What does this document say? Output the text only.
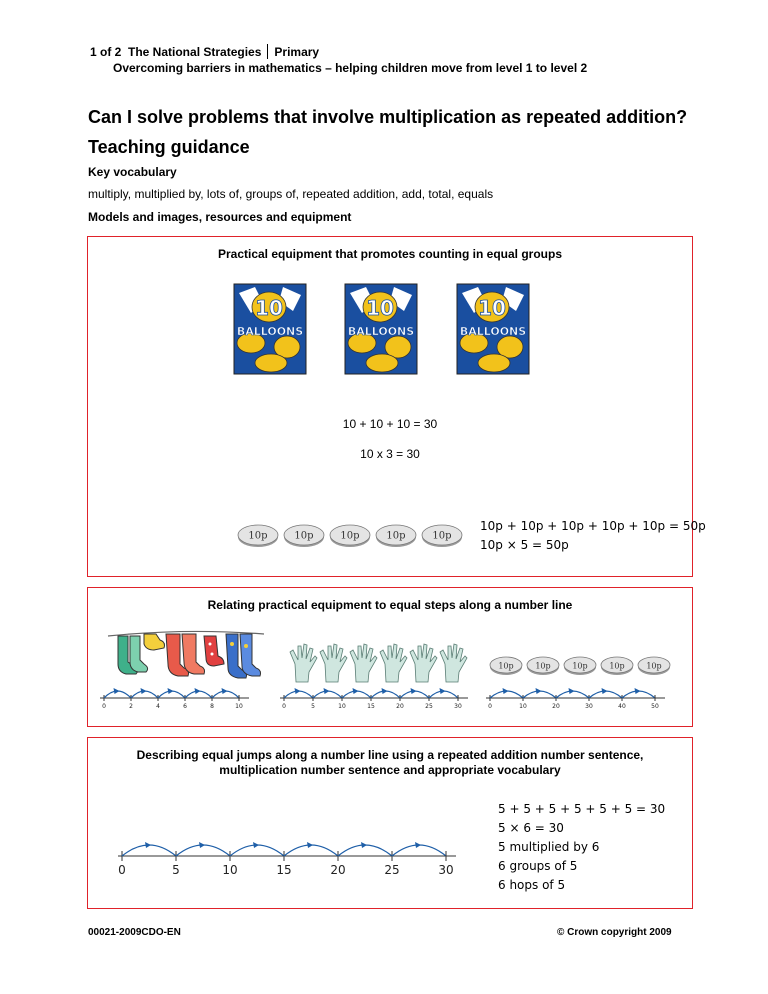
1 of 2 The National Strategies Primary
Overcoming barriers in mathematics – helping children move from level 1 to level 2
Can I solve problems that involve multiplication as repeated addition?
Teaching guidance
Key vocabulary
multiply, multiplied by, lots of, groups of, repeated addition, add, total, equals
Models and images, resources and equipment
Practical equipment that promotes counting in equal groups
10
BALLOONS
10
BALLOONS
10
BALLOONS
10 + 10 + 10 = 30
10 x 3 = 30
10p	10p	10p	10p	10p
10p + 10p + 10p + 10p + 10p = 50p
10p × 5 = 50p
Relating practical equipment to equal steps along a number line
10p	10p	10p	10p	10p
0	2	4	6	8	10	0	5	10	15	20	25	30	0	10	20	30	40	50
Describing equal jumps along a number line using a repeated addition number sentence,
multiplication number sentence and appropriate vocabulary
0	5	10	15	20	25	30
5 + 5 + 5 + 5 + 5 + 5 = 30
5 × 6 = 30
5 multiplied by 6
6 groups of 5
6 hops of 5
00021-2009CDO-EN	© Crown copyright 2009
